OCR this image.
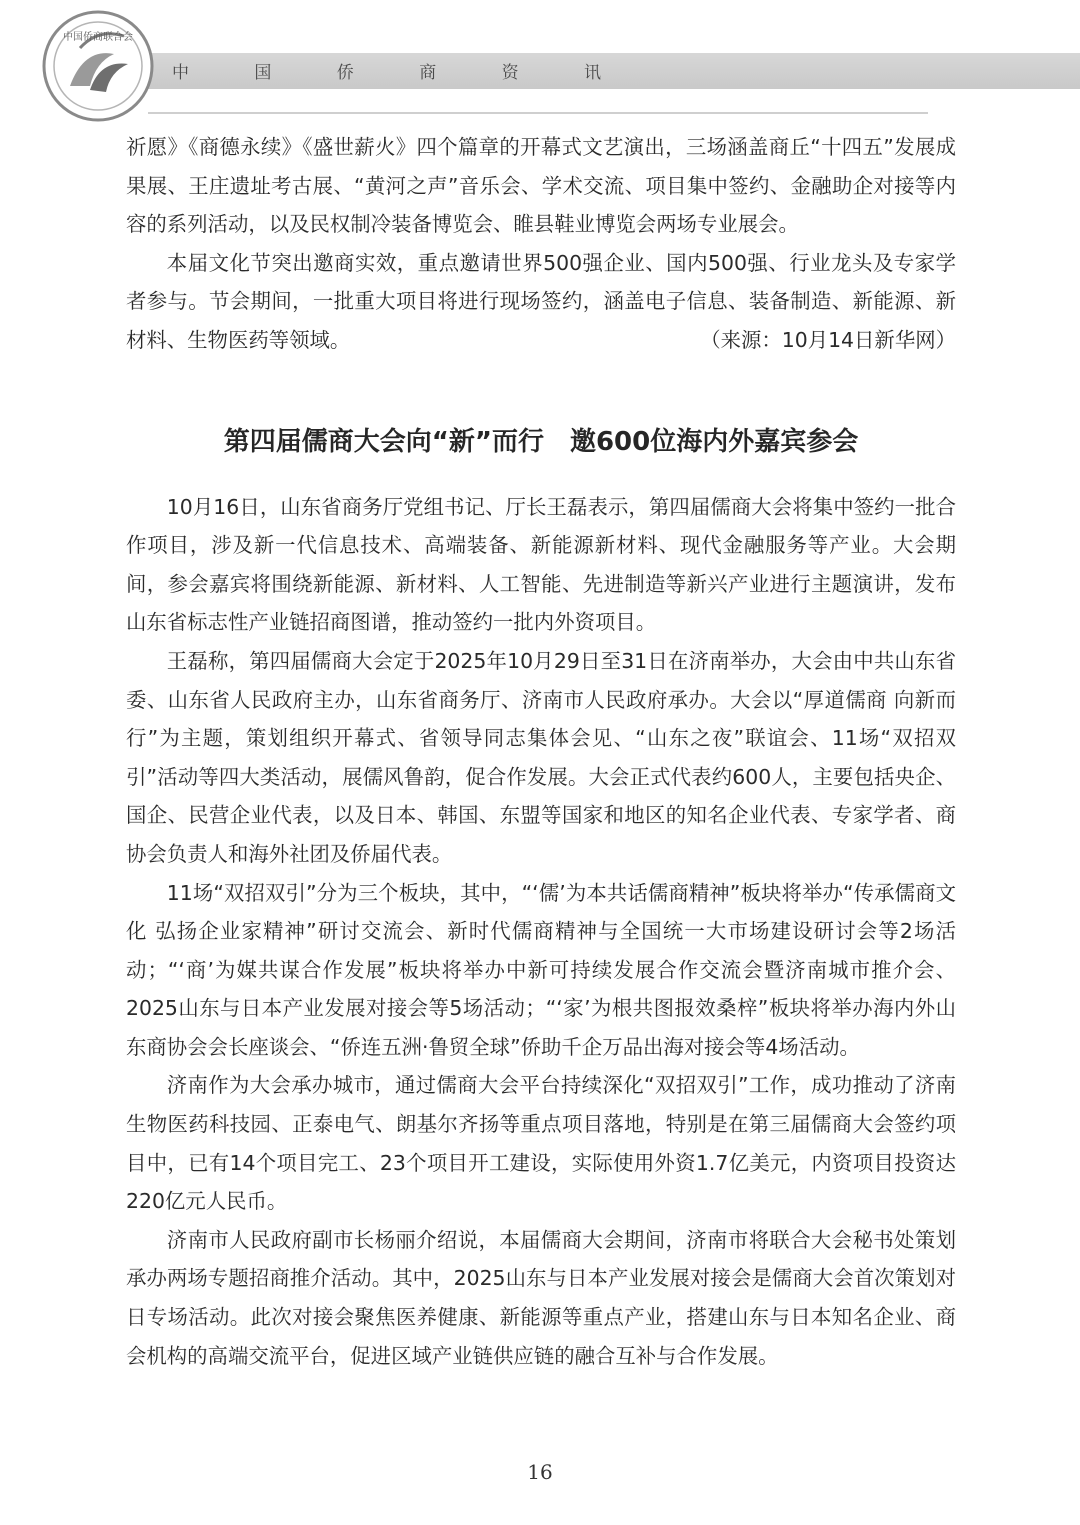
中国侨商联合会
中 国 侨 商 资 讯

祈愿》《商德永续》《盛世薪火》四个篇章的开幕式文艺演出，三场涵盖商丘“十四五”发展成果展、王庄遗址考古展、“黄河之声”音乐会、学术交流、项目集中签约、金融助企对接等内容的系列活动，以及民权制冷装备博览会、睢县鞋业博览会两场专业展会。

本届文化节突出邀商实效，重点邀请世界500强企业、国内500强、行业龙头及专家学者参与。节会期间，一批重大项目将进行现场签约，涵盖电子信息、装备制造、新能源、新材料、生物医药等领域。	（来源：10月14日新华网）

第四届儒商大会向“新”而行　邀600位海内外嘉宾参会

10月16日，山东省商务厅党组书记、厅长王磊表示，第四届儒商大会将集中签约一批合作项目，涉及新一代信息技术、高端装备、新能源新材料、现代金融服务等产业。大会期间，参会嘉宾将围绕新能源、新材料、人工智能、先进制造等新兴产业进行主题演讲，发布山东省标志性产业链招商图谱，推动签约一批内外资项目。

王磊称，第四届儒商大会定于2025年10月29日至31日在济南举办，大会由中共山东省委、山东省人民政府主办，山东省商务厅、济南市人民政府承办。大会以“厚道儒商 向新而行”为主题，策划组织开幕式、省领导同志集体会见、“山东之夜”联谊会、11场“双招双引”活动等四大类活动，展儒风鲁韵，促合作发展。大会正式代表约600人，主要包括央企、国企、民营企业代表，以及日本、韩国、东盟等国家和地区的知名企业代表、专家学者、商协会负责人和海外社团及侨届代表。

11场“双招双引”分为三个板块，其中，“‘儒’为本共话儒商精神”板块将举办“传承儒商文化 弘扬企业家精神”研讨交流会、新时代儒商精神与全国统一大市场建设研讨会等2场活动；“‘商’为媒共谋合作发展”板块将举办中新可持续发展合作交流会暨济南城市推介会、2025山东与日本产业发展对接会等5场活动；“‘家’为根共图报效桑梓”板块将举办海内外山东商协会会长座谈会、“侨连五洲·鲁贸全球”侨助千企万品出海对接会等4场活动。

济南作为大会承办城市，通过儒商大会平台持续深化“双招双引”工作，成功推动了济南生物医药科技园、正泰电气、朗基尔齐扬等重点项目落地，特别是在第三届儒商大会签约项目中，已有14个项目完工、23个项目开工建设，实际使用外资1.7亿美元，内资项目投资达220亿元人民币。

济南市人民政府副市长杨丽介绍说，本届儒商大会期间，济南市将联合大会秘书处策划承办两场专题招商推介活动。其中，2025山东与日本产业发展对接会是儒商大会首次策划对日专场活动。此次对接会聚焦医养健康、新能源等重点产业，搭建山东与日本知名企业、商会机构的高端交流平台，促进区域产业链供应链的融合互补与合作发展。

16
